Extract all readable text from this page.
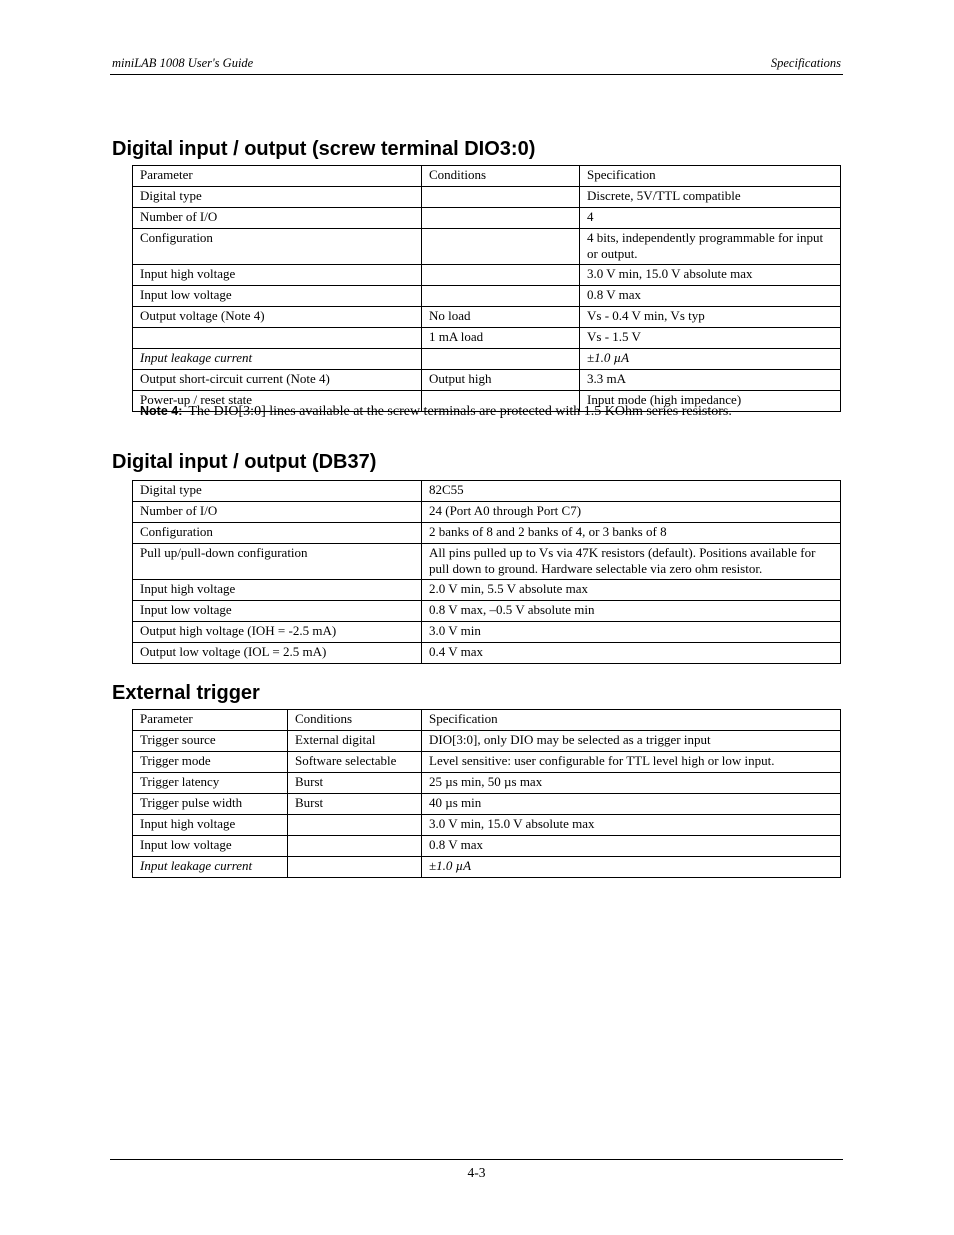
miniLAB 1008 User's Guide	Specifications
Digital input / output (screw terminal DIO3:0)
Parameter	Conditions	Specification
Digital type		Discrete, 5V/TTL compatible
Number of I/O		4
Configuration		4 bits, independently programmable for input or output.
Input high voltage		3.0 V min, 15.0 V absolute max
Input low voltage		0.8 V max
Output voltage (Note 4)	No load	Vs - 0.4 V min, Vs typ
	1 mA load	Vs - 1.5 V
Input leakage current		±1.0 µA
Output short-circuit current (Note 4)	Output high	3.3 mA
Power-up / reset state		Input mode (high impedance)
Note 4: The DIO[3:0] lines available at the screw terminals are protected with 1.5 KOhm series resistors.
Digital input / output (DB37)
Digital type	82C55
Number of I/O	24 (Port A0 through Port C7)
Configuration	2 banks of 8 and 2 banks of 4, or 3 banks of 8
Pull up/pull-down configuration	All pins pulled up to Vs via 47K resistors (default). Positions available for pull down to ground. Hardware selectable via zero ohm resistor.
Input high voltage	2.0 V min, 5.5 V absolute max
Input low voltage	0.8 V max, –0.5 V absolute min
Output high voltage (IOH = -2.5 mA)	3.0 V min
Output low voltage (IOL = 2.5 mA)	0.4 V max
External trigger
Parameter	Conditions	Specification
Trigger source	External digital	DIO[3:0], only DIO may be selected as a trigger input
Trigger mode	Software selectable	Level sensitive: user configurable for TTL level high or low input.
Trigger latency	Burst	25 µs min, 50 µs max
Trigger pulse width	Burst	40 µs min
Input high voltage		3.0 V min, 15.0 V absolute max
Input low voltage		0.8 V max
Input leakage current		±1.0 µA
4-3
